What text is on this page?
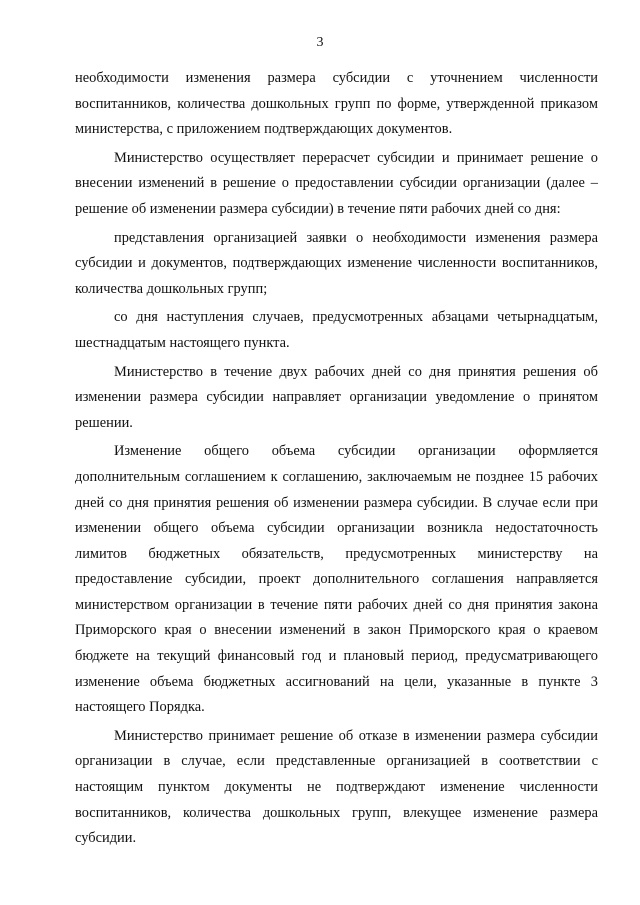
3

необходимости изменения размера субсидии с уточнением численности воспитанников, количества дошкольных групп по форме, утвержденной приказом министерства, с приложением подтверждающих документов.

Министерство осуществляет перерасчет субсидии и принимает решение о внесении изменений в решение о предоставлении субсидии организации (далее – решение об изменении размера субсидии) в течение пяти рабочих дней со дня:

представления организацией заявки о необходимости изменения размера субсидии и документов, подтверждающих изменение численности воспитанников, количества дошкольных групп;

со дня наступления случаев, предусмотренных абзацами четырнадцатым, шестнадцатым настоящего пункта.

Министерство в течение двух рабочих дней со дня принятия решения об изменении размера субсидии направляет организации уведомление о принятом решении.

Изменение общего объема субсидии организации оформляется дополнительным соглашением к соглашению, заключаемым не позднее 15 рабочих дней со дня принятия решения об изменении размера субсидии. В случае если при изменении общего объема субсидии организации возникла недостаточность лимитов бюджетных обязательств, предусмотренных министерству на предоставление субсидии, проект дополнительного соглашения направляется министерством организации в течение пяти рабочих дней со дня принятия закона Приморского края о внесении изменений в закон Приморского края о краевом бюджете на текущий финансовый год и плановый период, предусматривающего изменение объема бюджетных ассигнований на цели, указанные в пункте 3 настоящего Порядка.

Министерство принимает решение об отказе в изменении размера субсидии организации в случае, если представленные организацией в соответствии с настоящим пунктом документы не подтверждают изменение численности воспитанников, количества дошкольных групп, влекущее изменение размера субсидии.
